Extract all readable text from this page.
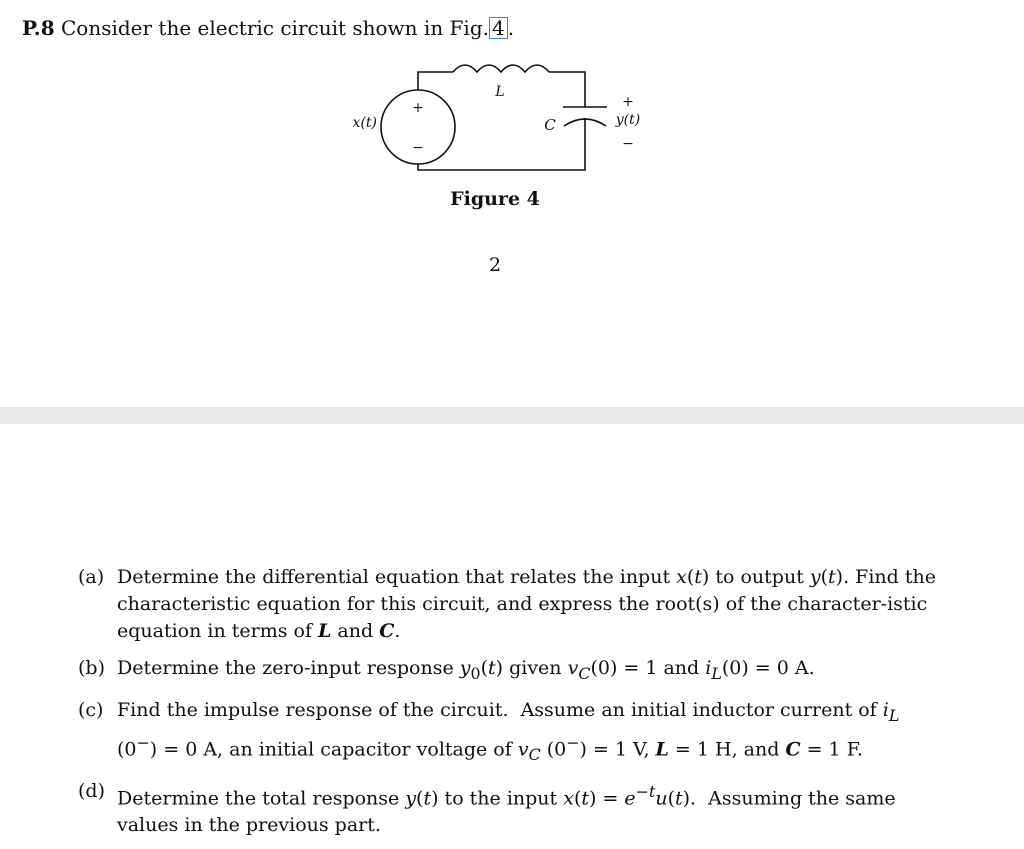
P.8 Consider the electric circuit shown in Fig. 4 .
+
−
x(t)
L
C
+
y(t)
−
Figure 4
2
(a) Determine the differential equation that relates the input x(t) to output y(t). Find the characteristic equation for this circuit, and express the root(s) of the character-istic equation in terms of L and C.
(b) Determine the zero-input response $y_0(t)$ given $v_C(0) = 1$ and $i_L(0) = 0$ A.
(c) Find the impulse response of the circuit.  Assume an initial inductor current of $i_L$ (0−) = 0 A, an initial capacitor voltage of $v_C$ (0−) = 1 V, L = 1 H, and C = 1 F.
(d) Determine the total response y(t) to the input $x(t) = e^{-t}u(t)$.  Assuming the same values in the previous part.
